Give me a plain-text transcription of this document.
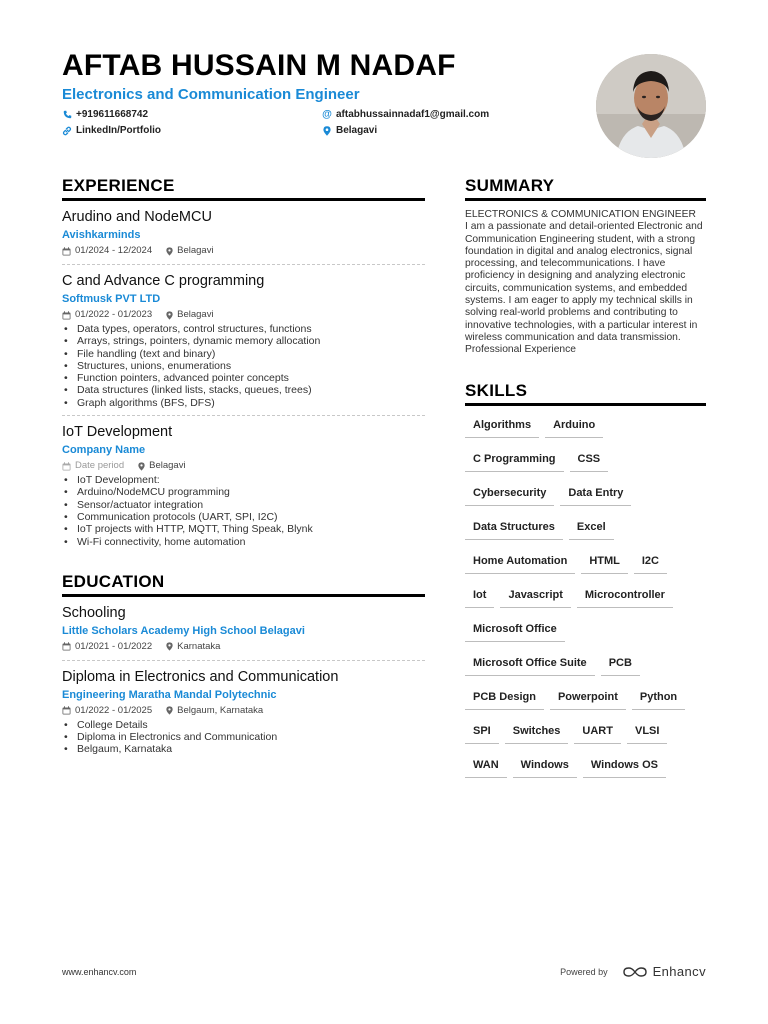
AFTAB HUSSAIN M NADAF
Electronics and Communication Engineer
+919611668742	@ aftabhussainnadaf1@gmail.com
LinkedIn/Portfolio	Belagavi
EXPERIENCE
Arudino and NodeMCU
Avishkarminds
01/2024 - 12/2024	Belagavi
C and Advance C programming
Softmusk PVT LTD
01/2022 - 01/2023	Belagavi
• Data types, operators, control structures, functions
• Arrays, strings, pointers, dynamic memory allocation
• File handling (text and binary)
• Structures, unions, enumerations
• Function pointers, advanced pointer concepts
• Data structures (linked lists, stacks, queues, trees)
• Graph algorithms (BFS, DFS)
IoT Development
Company Name
Date period	Belagavi
• IoT Development:
• Arduino/NodeMCU programming
• Sensor/actuator integration
• Communication protocols (UART, SPI, I2C)
• IoT projects with HTTP, MQTT, Thing Speak, Blynk
• Wi-Fi connectivity, home automation
EDUCATION
Schooling
Little Scholars Academy High School Belagavi
01/2021 - 01/2022	Karnataka
Diploma in Electronics and Communication
Engineering Maratha Mandal Polytechnic
01/2022 - 01/2025	Belgaum, Karnataka
• College Details
• Diploma in Electronics and Communication
• Belgaum, Karnataka
SUMMARY
ELECTRONICS & COMMUNICATION ENGINEER
I am a passionate and detail-oriented Electronic and Communication Engineering student, with a strong foundation in digital and analog electronics, signal processing, and telecommunications. I have proficiency in designing and analyzing electronic circuits, communication systems, and embedded systems. I am eager to apply my technical skills in solving real-world problems and contributing to innovative technologies, with a particular interest in wireless communication and data transmission. Professional Experience
SKILLS
Algorithms	Arduino
C Programming	CSS
Cybersecurity	Data Entry
Data Structures	Excel
Home Automation	HTML	I2C
Iot	Javascript	Microcontroller
Microsoft Office
Microsoft Office Suite	PCB
PCB Design	Powerpoint	Python
SPI	Switches	UART	VLSI
WAN	Windows	Windows OS
www.enhancv.com	Powered by	Enhancv
